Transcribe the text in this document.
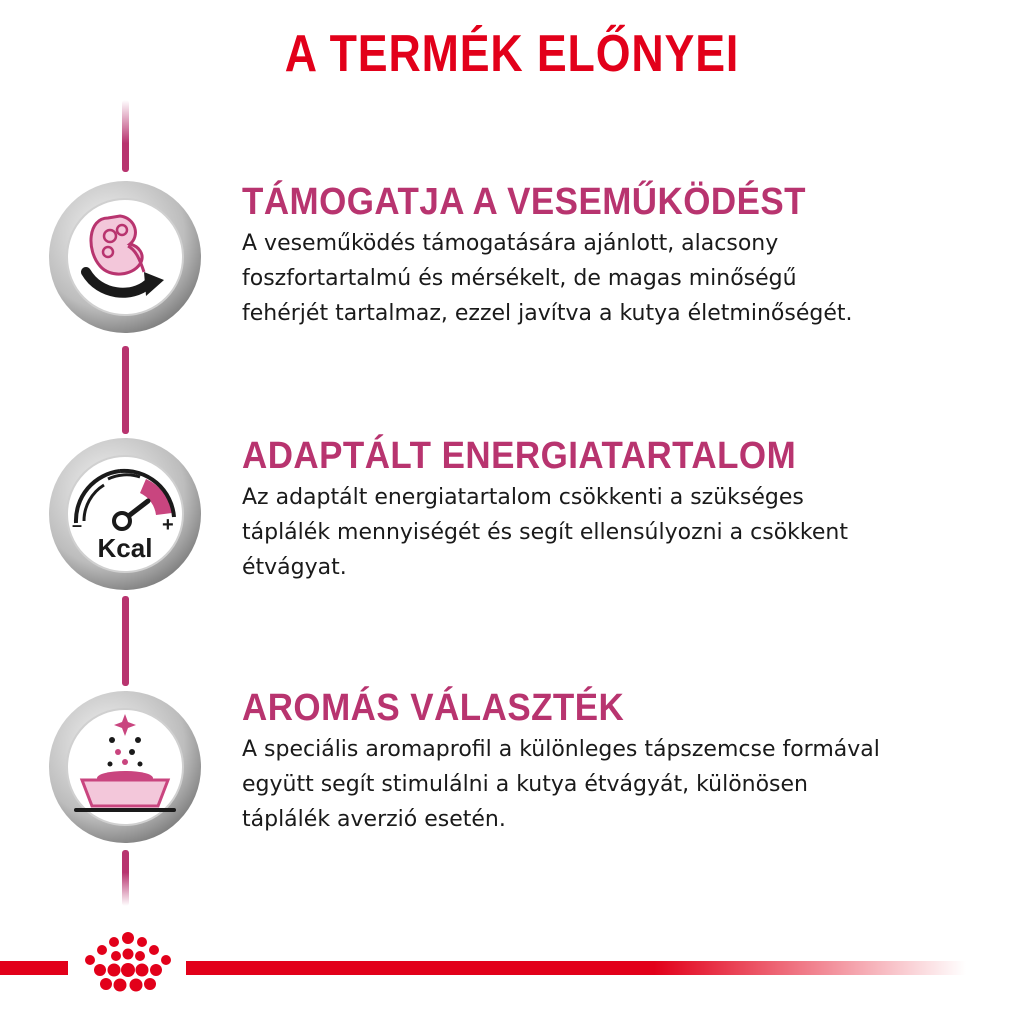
A TERMÉK ELŐNYEI
TÁMOGATJA A VESEMŰKÖDÉST
A veseműködés támogatására ajánlott, alacsony
foszfortartalmú és mérsékelt, de magas minőségű
fehérjét tartalmaz, ezzel javítva a kutya életminőségét.
–	+
Kcal
ADAPTÁLT ENERGIATARTALOM
Az adaptált energiatartalom csökkenti a szükséges
táplálék mennyiségét és segít ellensúlyozni a csökkent
étvágyat.
AROMÁS VÁLASZTÉK
A speciális aromaprofil a különleges tápszemcse formával
együtt segít stimulálni a kutya étvágyát, különösen
táplálék averzió esetén.
